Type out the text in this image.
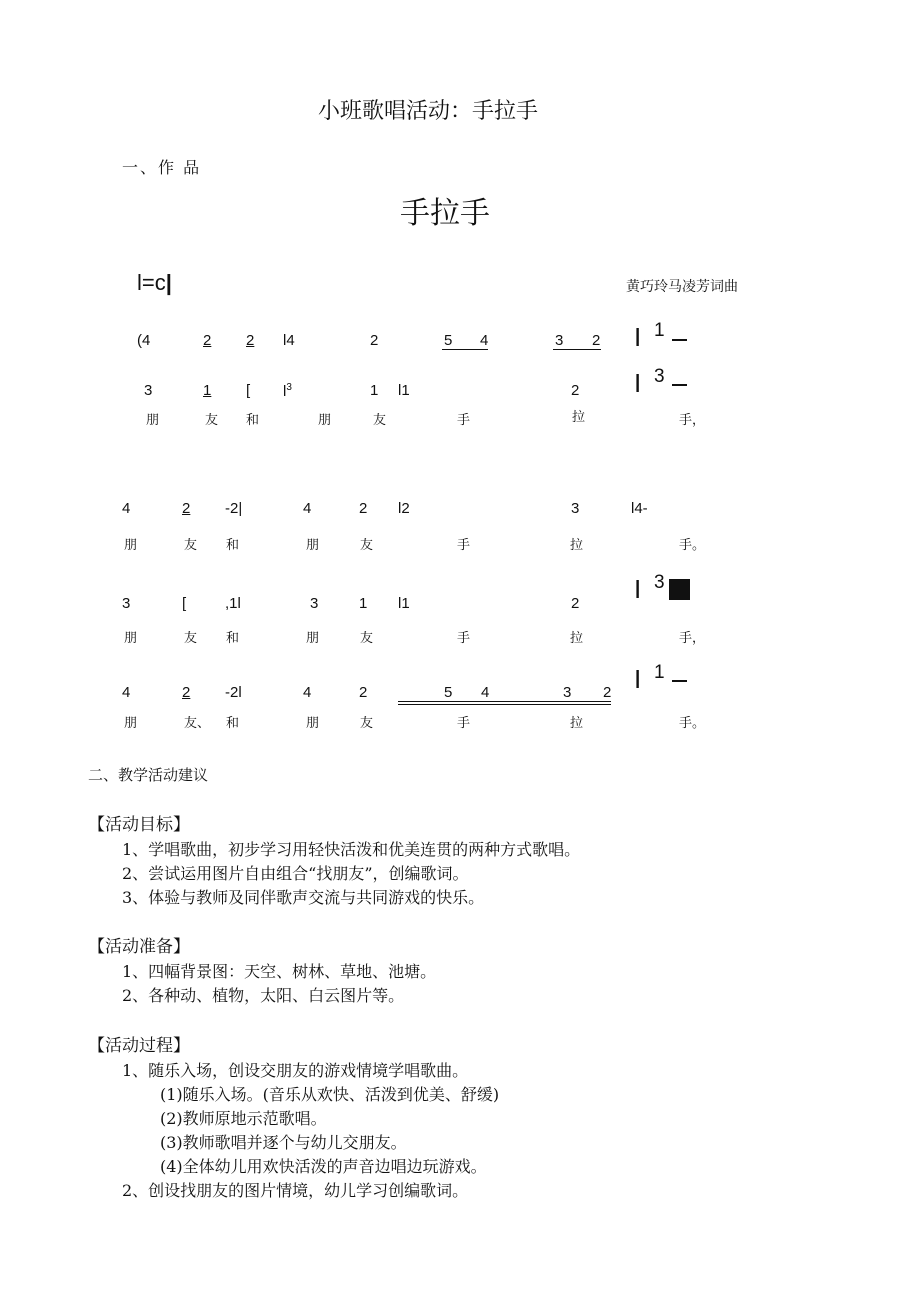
小班歌唱活动：手拉手
一、作 品
手拉手
l=c|	黄巧玲马凌芳词曲
(4	2 2 l4	2	5 4	3 2 I 1
3	1 [ $l^3$	1 l1	2 I 3
朋	友 和	朋	友	手	拉	手，
4	2 -2|	4	2 l2	3	l4-
朋	友 和	朋	友	手	拉	手。
3	[	,1l	3	1 l1	2 I 3
朋	友 和	朋	友	手	拉	手，
4	2 -2l	4	2	5 4	3 2 I 1
朋	友、 和	朋	友	手	拉	手。
二、教学活动建议
【活动目标】
1、学唱歌曲，初步学习用轻快活泼和优美连贯的两种方式歌唱。
2、尝试运用图片自由组合“找朋友”，创编歌词。
3、体验与教师及同伴歌声交流与共同游戏的快乐。
【活动准备】
1、四幅背景图：天空、树林、草地、池塘。
2、各种动、植物，太阳、白云图片等。
【活动过程】
1、随乐入场，创设交朋友的游戏情境学唱歌曲。
(1)随乐入场。(音乐从欢快、活泼到优美、舒缓)
(2)教师原地示范歌唱。
(3)教师歌唱并逐个与幼儿交朋友。
(4)全体幼儿用欢快活泼的声音边唱边玩游戏。
2、创设找朋友的图片情境，幼儿学习创编歌词。
